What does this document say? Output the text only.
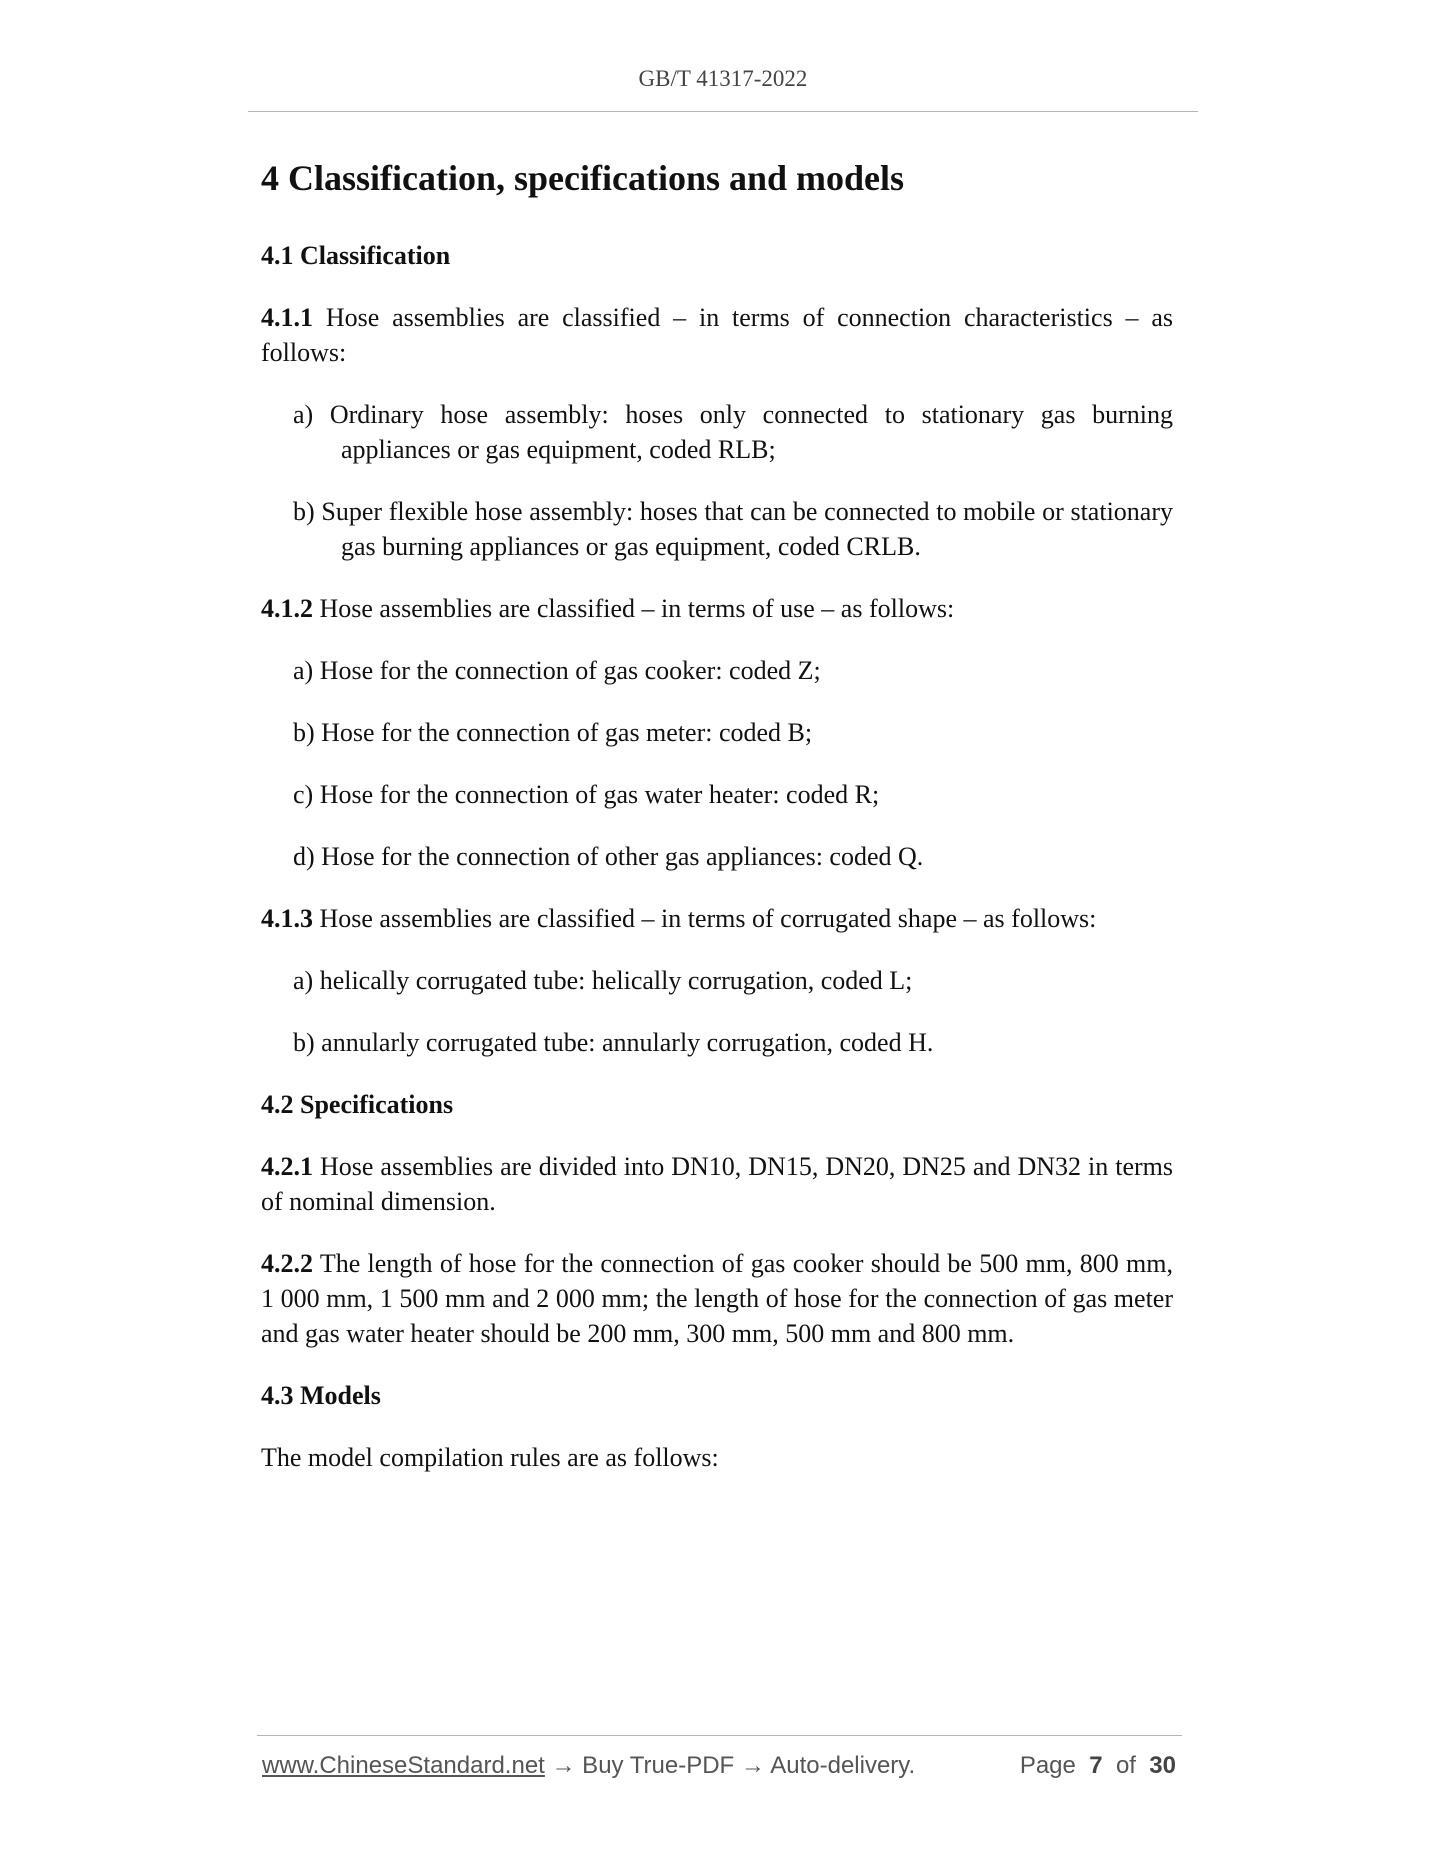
GB/T 41317-2022
4 Classification, specifications and models

4.1 Classification

4.1.1 Hose assemblies are classified – in terms of connection characteristics – as follows:

a) Ordinary hose assembly: hoses only connected to stationary gas burning appliances or gas equipment, coded RLB;

b) Super flexible hose assembly: hoses that can be connected to mobile or stationary gas burning appliances or gas equipment, coded CRLB.

4.1.2 Hose assemblies are classified – in terms of use – as follows:

a) Hose for the connection of gas cooker: coded Z;

b) Hose for the connection of gas meter: coded B;

c) Hose for the connection of gas water heater: coded R;

d) Hose for the connection of other gas appliances: coded Q.

4.1.3 Hose assemblies are classified – in terms of corrugated shape – as follows:

a) helically corrugated tube: helically corrugation, coded L;

b) annularly corrugated tube: annularly corrugation, coded H.

4.2 Specifications

4.2.1 Hose assemblies are divided into DN10, DN15, DN20, DN25 and DN32 in terms of nominal dimension.

4.2.2 The length of hose for the connection of gas cooker should be 500 mm, 800 mm, 1 000 mm, 1 500 mm and 2 000 mm; the length of hose for the connection of gas meter and gas water heater should be 200 mm, 300 mm, 500 mm and 800 mm.

4.3 Models

The model compilation rules are as follows:

www.ChineseStandard.net → Buy True-PDF → Auto-delivery.	Page 7 of 30
